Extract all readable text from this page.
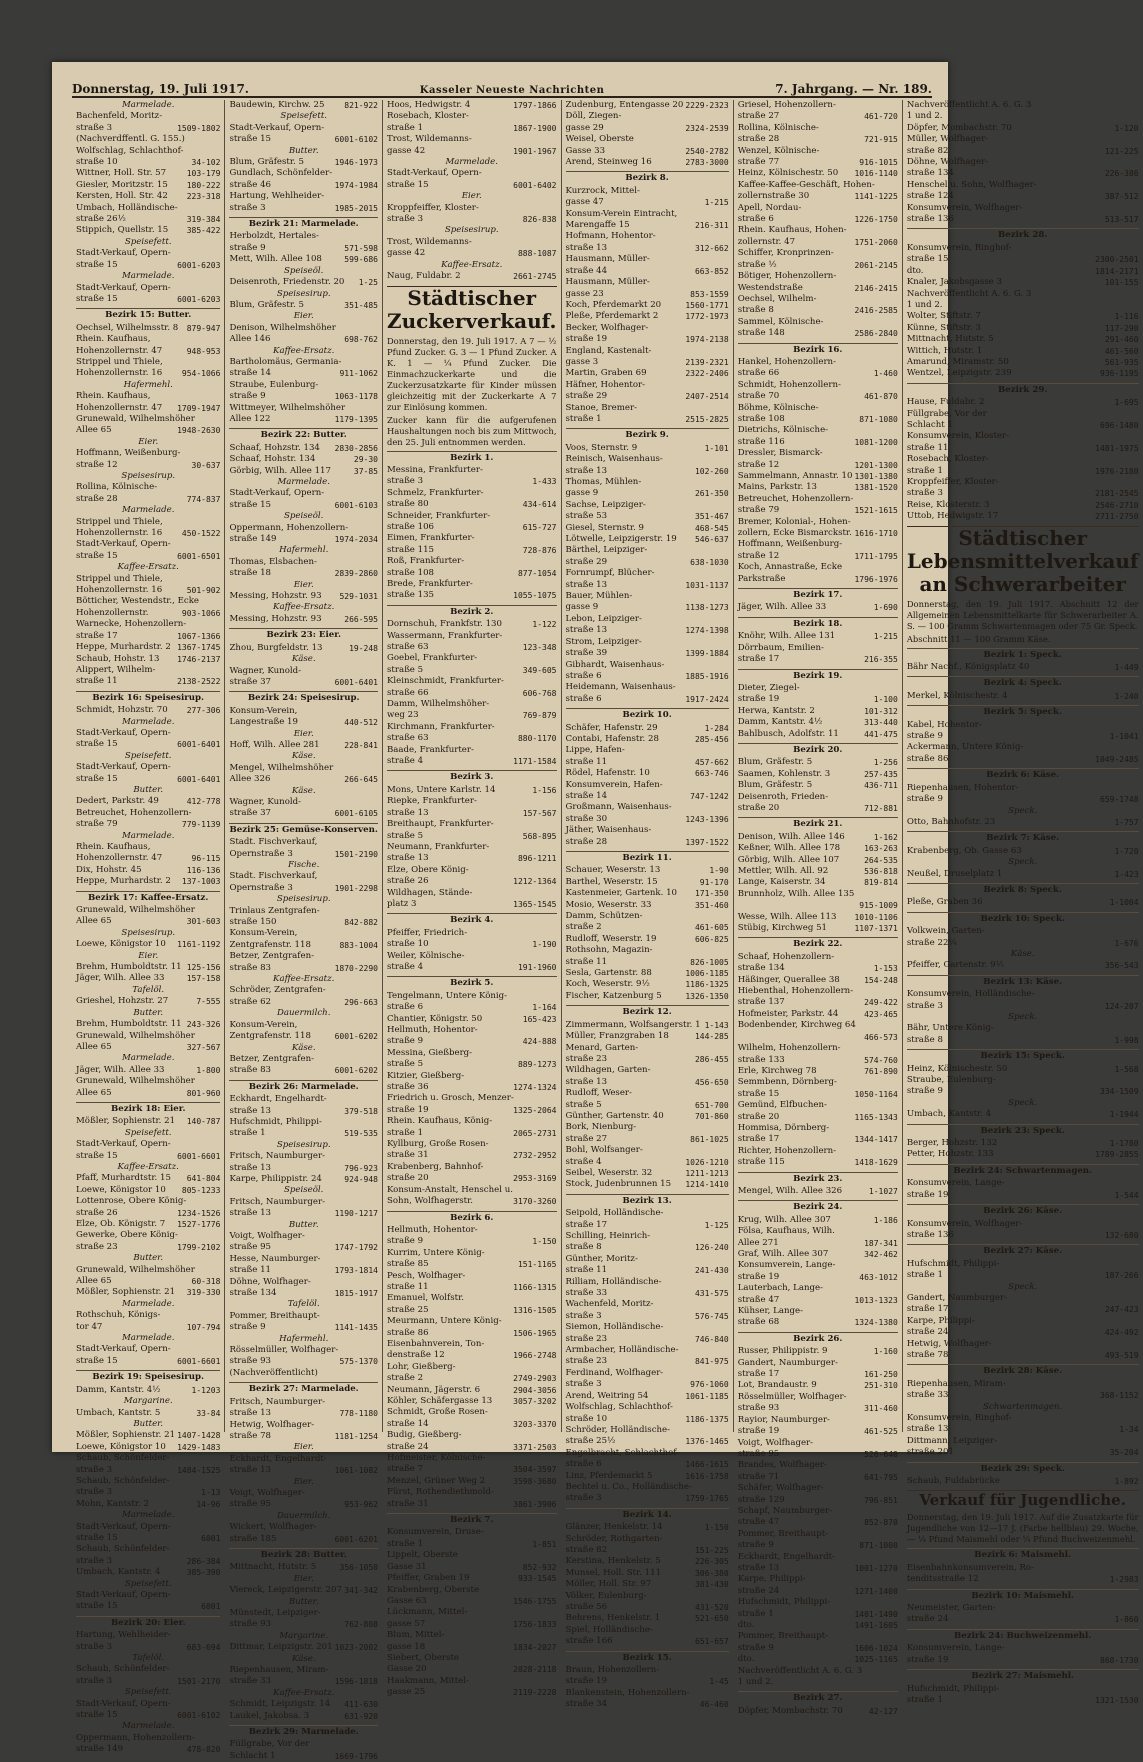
Donnerstag, 19. Juli 1917.	Kasseler Neueste Nachrichten	7. Jahrgang. — Nr. 189.
Marmelade.
Bachenfeld, Moritz-
straße 3	1509-1802
(Nachverdffentl. G. 155.)
Wolfschlag, Schlachthof-
straße 10	34-102
Wittner, Holl. Str. 57	103-179
Giesler, Moritzstr. 15	180-222
Kersten, Holl. Str. 42	223-318
Umbach, Holländische-
straße 26½	319-384
Stippich, Quellstr. 15	385-422
Speisefett.
Stadt-Verkauf, Opern-
straße 15	6001-6203
Marmelade.
Stadt-Verkauf, Opern-
straße 15	6001-6203
Bezirk 15: Butter.
Oechsel, Wilhelmsstr. 8	879-947
Rhein. Kaufhaus,
Hohenzollernstr. 47	948-953
Strippel und Thiele,
Hohenzollernstr. 16	954-1066
Hafermehl.
Rhein. Kaufhaus,
Hohenzollernstr. 47	1709-1947
Grunewald, Wilhelmshöher
Allee 65	1948-2630
Eier.
Hoffmann, Weißenburg-
straße 12	30-637
Speisesirup.
Rollina, Kölnische-
straße 28	774-837
Marmelade.
Strippel und Thiele,
Hohenzollernstr. 16	450-1522
Stadt-Verkauf, Opern-
straße 15	6001-6501
Kaffee-Ersatz.
Strippel und Thiele,
Hohenzollernstr. 16	501-902
Bötticher, Westendstr., Ecke
Hohenzollernstr.	903-1066
Warnecke, Hohenzollern-
straße 17	1067-1366
Heppe, Murhardstr. 2 1367-1745
Schaub, Hohstr. 13	1746-2137
Alippert, Wilhelm-
straße 11	2138-2522
Bezirk 16: Speisesirup.
Schmidt, Hohzstr. 70	277-306
Marmelade.
Stadt-Verkauf, Opern-
straße 15	6001-6401
Speisefett.
Stadt-Verkauf, Opern-
straße 15	6001-6401
Butter.
Dedert, Parkstr. 49	412-778
Betreuchet, Hohenzollern-
straße 79	779-1139
Marmelade.
Rhein. Kaufhaus,
Hohenzollernstr. 47	96-115
Dix, Hohstr. 45	116-136
Heppe, Murhardstr. 2	137-1003
Bezirk 17: Kaffee-Ersatz.
Grunewald, Wilhelmshöher
Allee 65	301-603
Speisesirup.
Loewe, Königstor 10	1161-1192
Eier.
Brehm, Humboldtstr. 11 125-156
Jäger, Wilh. Allee 33	157-158
Tafelöl.
Grieshel, Hohzstr. 27	7-555
Butter.
Brehm, Humboldtstr. 11 243-326
Grunewald, Wilhelmshöher
Allee 65	327-567
Marmelade.
Jäger, Wilh. Allee 33	1-800
Grunewald, Wilhelmshöher
Allee 65	801-960
Bezirk 18: Eier.
Mößler, Sophienstr. 21	140-787
Speisefett.
Stadt-Verkauf, Opern-
straße 15	6001-6601
Kaffee-Ersatz.
Pfaff, Murhardtstr. 15	641-804
Loewe, Königstor 10	805-1233
Lottenrose, Obere König-
straße 26	1234-1526
Elze, Ob. Königstr. 7	1527-1776
Gewerke, Obere König-
straße 23	1799-2102
Butter.
Grunewald, Wilhelmshöher
Allee 65	60-318
Mößler, Sophienstr. 21	319-330
Marmelade.
Rothschuh, Königs-
tor 47	107-794
Marmelade.
Stadt-Verkauf, Opern-
straße 15	6001-6601
Bezirk 19: Speisesirup.
Damm, Kantstr. 4½	1-1203
Margarine.
Umbach, Kantstr. 5	33-84
Butter.
Mößler, Sophienstr. 21 1407-1428
Loewe, Königstor 10	1429-1483
Schaub, Schönfelder-
straße 3	1484-1525
Schaub, Schönfelder-
straße 3	1-13
Mohn, Kantstr. 2	14-96
Marmelade.
Stadt-Verkauf, Opern-
straße 15	6001
Schaub, Schönfelder-
straße 3	286-384
Umbach, Kantstr. 4	385-390
Speisefett.
Stadt-Verkauf, Opern-
straße 15	6001
Bezirk 20: Eier.
Hartung, Wehlheider-
straße 3	683-694
Tafelöl.
Schaub, Schönfelder-
straße 3	1501-2170
Speisefett.
Stadt-Verkauf, Opern-
straße 15	6001-6102
Marmelade.
Oppermann, Hohenzollern-
straße 149	478-820
Baudewin, Kirchw. 25	821-922
Speisefett.
Stadt-Verkauf, Opern-
straße 15	6001-6102
Butter.
Blum, Gräfestr. 5	1946-1973
Gundlach, Schönfelder-
straße 46	1974-1984
Hartung, Wehlheider-
straße 3	1985-2015
Bezirk 21: Marmelade.
Herbolzdt, Hertales-
straße 9	571-598
Mett, Wilh. Allee 108	599-686
Speiseöl.
Deisenroth, Friedenstr. 20	1-25
Speisesirup.
Blum, Gräfestr. 5	351-485
Eier.
Denison, Wilhelmshöher
Allee 146	698-762
Kaffee-Ersatz.
Bartholomäus, Germania-
straße 14	911-1062
Straube, Eulenburg-
straße 9	1063-1178
Wittmeyer, Wilhelmshöher
Allee 122	1179-1395
Bezirk 22: Butter.
Schaaf, Hohzstr. 134	2830-2856
Schaaf, Hohstr. 134	29-30
Görbig, Wilh. Allee 117	37-85
Marmelade.
Stadt-Verkauf, Opern-
straße 15	6001-6103
Speiseöl.
Oppermann, Hohenzollern-
straße 149	1974-2034
Hafermehl.
Thomas, Elsbachen-
straße 18	2839-2860
Eier.
Messing, Hohzstr. 93	529-1031
Kaffee-Ersatz.
Messing, Hohzstr. 93	266-595
Bezirk 23: Eier.
Zhou, Burgfeldstr. 13	19-248
Käse.
Wagner, Kunold-
straße 37	6001-6401
Bezirk 24: Speisesirup.
Konsum-Verein,
Langestraße 19	440-512
Eier.
Hoff, Wilh. Allee 281	228-841
Käse.
Mengel, Wilhelmshöher
Allee 326	266-645
Käse.
Wagner, Kunold-
straße 37	6001-6105
Bezirk 25: Gemüse-Konserven.
Stadt. Fischverkauf,
Opernstraße 3	1501-2190
Fische.
Stadt. Fischverkauf,
Opernstraße 3	1901-2298
Speisesirup.
Trinlaus Zentgrafen-
straße 150	842-882
Konsum-Verein,
Zentgrafenstr. 118	883-1004
Betzer, Zentgrafen-
straße 83	1870-2290
Kaffee-Ersatz.
Schröder, Zentgrafen-
straße 62	296-663
Dauermilch.
Konsum-Verein,
Zentgrafenstr. 118	6001-6202
Käse.
Betzer, Zentgrafen-
straße 83	6001-6202
Bezirk 26: Marmelade.
Eckhardt, Engelhardt-
straße 13	379-518
Hufschmidt, Philippi-
straße 1	519-535
Speisesirup.
Fritsch, Naumburger-
straße 13	796-923
Karpe, Philippistr. 24	924-948
Speiseöl.
Fritsch, Naumburger-
straße 13	1190-1217
Butter.
Voigt, Wolfhager-
straße 95	1747-1792
Hesse, Naumburger-
straße 11	1793-1814
Döhne, Wolfhager-
straße 134	1815-1917
Tafelöl.
Pommer, Breithaupt-
straße 9	1141-1435
Hafermehl.
Rösselmüller, Wolfhager-
straße 93	575-1370
(Nachveröffentlicht)
Bezirk 27: Marmelade.
Fritsch, Naumburger-
straße 13	778-1180
Hetwig, Wolfhager-
straße 78	1181-1254
Eier.
Eckhardt, Engelhardt-
straße 13	1061-1082
Eier.
Voigt, Wolfhager-
straße 95	953-962
Dauermilch.
Wickert, Wolfhager-
straße 185	6001-6201
Bezirk 28: Butter.
Mittnacht, Hutstr. 5	356-1050
Eier.
Viereck, Leipzigerstr. 207 341-342
Butter.
Münstedt, Leipziger-
straße 93	762-808
Margarine.
Dittmar, Leipzigstr. 201 1023-2002
Käse.
Riepenhausen, Miram-
straße 33	1596-1818
Kaffee-Ersatz.
Schmidt, Leipzigstr. 14	411-630
Laukel, Jakobsa. 3	631-920
Bezirk 29: Marmelade.
Füllgrabe, Vor der
Schlacht 1	1669-1796
Hoos, Hedwigstr. 4	1797-1866
Rosebach, Kloster-
straße 1	1867-1900
Trost, Wildemanns-
gasse 42	1901-1967
Marmelade.
Stadt-Verkauf, Opern-
straße 15	6001-6402
Eier.
Kroppfeiffer, Kloster-
straße 3	826-838
Speisesirup.
Trost, Wildemanns-
gasse 42	888-1087
Kaffee-Ersatz.
Naug, Fuldabr. 2	2661-2745
Städtischer Zuckerverkauf.
Donnerstag, den 19. Juli 1917. A 7 — ½ Pfund Zucker. G. 3 — 1 Pfund Zucker. A K. 1 — ¼ Pfund Zucker. Die Einmachzuckerkarte und die Zuckerzusatzkarte für Kinder müssen gleichzeitig mit der Zuckerkarte A 7 zur Einlösung kommen.
Zucker kann für die aufgerufenen Haushaltungen noch bis zum Mittwoch, den 25. Juli entnommen werden.
Bezirk 1.
Messina, Frankfurter-
straße 3	1-433
Schmelz, Frankfurter-
straße 80	434-614
Schneider, Frankfurter-
straße 106	615-727
Eimen, Frankfurter-
straße 115	728-876
Roß, Frankfurter-
straße 108	877-1054
Brede, Frankfurter-
straße 135	1055-1075
Bezirk 2.
Dornschuh, Frankfstr. 130	1-122
Wassermann, Frankfurter-
straße 63	123-348
Goebel, Frankfurter-
straße 5	349-605
Kleinschmidt, Frankfurter-
straße 66	606-768
Damm, Wilhelmshöher-
weg 23	769-879
Kirchmann, Frankfurter-
straße 63	880-1170
Baade, Frankfurter-
straße 4	1171-1584
Bezirk 3.
Mons, Untere Karlstr. 14	1-156
Riepke, Frankfurter-
straße 13	157-567
Breithaupt, Frankfurter-
straße 5	568-895
Neumann, Frankfurter-
straße 13	896-1211
Elze, Obere König-
straße 26	1212-1364
Wildhagen, Stände-
platz 3	1365-1545
Bezirk 4.
Pfeiffer, Friedrich-
straße 10	1-190
Weiler, Kölnische-
straße 4	191-1960
Bezirk 5.
Tengelmann, Untere König-
straße 6	1-164
Chantier, Königstr. 50	165-423
Hellmuth, Hohentor-
straße 9	424-888
Messina, Gießberg-
straße 5	889-1273
Kitzier, Gießberg-
straße 36	1274-1324
Friedrich u. Grosch, Menzer-
straße 19	1325-2064
Rhein. Kaufhaus, König-
straße 1	2065-2731
Kyllburg, Große Rosen-
straße 31	2732-2952
Krabenberg, Bahnhof-
straße 20	2953-3169
Konsum-Anstalt, Henschel u.
Sohn, Wolfhagerstr.	3170-3260
Bezirk 6.
Hellmuth, Hohentor-
straße 9	1-150
Kurrim, Untere König-
straße 85	151-1165
Pesch, Wolfhager-
straße 11	1166-1315
Emanuel, Wolfstr.
straße 25	1316-1505
Meurmann, Untere König-
straße 86	1506-1965
Eisenbahnverein, Ton-
denstraße 12	1966-2748
Lohr, Gießberg-
straße 2	2749-2903
Neumann, Jägerstr. 6	2904-3056
Köhler, Schäfergasse 13	3057-3202
Schmidt, Große Rosen-
straße 14	3203-3370
Budig, Gießberg-
straße 24	3371-2503
Hofmeister, Kölnische-
straße 7	3504-3597
Menzel, Grüner Weg 2	3598-3680
Fürst, Rothendiethmold-
straße 31	3861-3906
Bezirk 7.
Konsumverein, Druse-
straße 1	1-851
Lippelt, Oberste
Gasse 31	852-932
Pfeiffer, Graben 19	933-1545
Krabenberg, Oberste
Gasse 63	1546-1755
Lückmann, Mittel-
gasse 57	1756-1833
Blum, Mittel-
gasse 18	1834-2027
Siebert, Oberste
Gasse 20	2028-2118
Haakmann, Mittel-
gasse 25	2119-2228
Zudenburg, Entengasse 20 2229-2323
Döll, Ziegen-
gasse 29	2324-2539
Weisel, Oberste
Gasse 33	2540-2782
Arend, Steinweg 16	2783-3000
Bezirk 8.
Kurzrock, Mittel-
gasse 47	1-215
Konsum-Verein Eintracht,
Marengaffe 15	216-311
Hofmann, Hohentor-
straße 13	312-662
Hausmann, Müller-
straße 44	663-852
Hausmann, Müller-
gasse 23	853-1559
Koch, Pferdemarkt 20	1560-1771
Pleße, Pferdemarkt 2	1772-1973
Becker, Wolfhager-
straße 19	1974-2138
England, Kastenalt-
gasse 3	2139-2321
Martin, Graben 69	2322-2406
Häfner, Hohentor-
straße 29	2407-2514
Stanoe, Bremer-
straße 1	2515-2825
Bezirk 9.
Voos, Sternstr. 9	1-101
Reinisch, Waisenhaus-
straße 13	102-260
Thomas, Mühlen-
gasse 9	261-350
Sachse, Leipziger-
straße 53	351-467
Giesel, Sternstr. 9	468-545
Lötwelle, Leipzigerstr. 19	546-637
Bärthel, Leipziger-
straße 29	638-1030
Fornrumpf, Blücher-
straße 13	1031-1137
Bauer, Mühlen-
gasse 9	1138-1273
Lebon, Leipziger-
straße 13	1274-1398
Strom, Leipziger-
straße 39	1399-1884
Gibhardt, Waisenhaus-
straße 6	1885-1916
Heidemann, Waisenhaus-
straße 6	1917-2424
Bezirk 10.
Schäfer, Hafenstr. 29	1-284
Contabi, Hafenstr. 28	285-456
Lippe, Hafen-
straße 11	457-662
Rödel, Hafenstr. 10	663-746
Konsumverein, Hafen-
straße 14	747-1242
Großmann, Waisenhaus-
straße 30	1243-1396
Jäther, Waisenhaus-
straße 28	1397-1522
Bezirk 11.
Schauer, Weserstr. 13	1-90
Barthel, Weserstr. 15	91-170
Kastenmeier, Gartenk. 10	171-350
Mosio, Weserstr. 33	351-460
Damm, Schützen-
straße 2	461-605
Rudloff, Weserstr. 19	606-825
Rothsohn, Magazin-
straße 11	826-1005
Sesla, Gartenstr. 88	1006-1185
Koch, Weserstr. 9½	1186-1325
Fischer, Katzenburg 5	1326-1350
Bezirk 12.
Zimmermann, Wolfsangerstr. 1 1-143
Müller, Franzgraben 18	144-285
Menard, Garten-
straße 23	286-455
Wildhagen, Garten-
straße 13	456-650
Rudloff, Weser-
straße 5	651-700
Günther, Gartenstr. 40	701-860
Bork, Nienburg-
straße 27	861-1025
Bohl, Wolfsanger-
straße 4	1026-1210
Seibel, Weserstr. 32	1211-1213
Stock, Judenbrunnen 15	1214-1410
Bezirk 13.
Seipold, Holländische-
straße 17	1-125
Schilling, Heinrich-
straße 8	126-240
Günther, Moritz-
straße 11	241-430
Rilliam, Holländische-
straße 33	431-575
Wachenfeld, Moritz-
straße 3	576-745
Siemon, Holländische-
straße 23	746-840
Armbacher, Holländische-
straße 23	841-975
Ferdinand, Wolfhager-
straße 3	976-1060
Arend, Weitring 54	1061-1185
Wolfschlag, Schlachthof-
straße 10	1186-1375
Schröder, Holländische-
straße 25½	1376-1465
Engelbracht, Schlachthof-
straße 6	1466-1615
Linz, Pferdemarkt 5	1616-1758
Bechtel u. Co., Holländische-
straße 3	1759-1765
Bezirk 14.
Glänzer, Henkelstr. 14	1-150
Schröder, Rothgarten-
straße 82	151-225
Kerstina, Henkelstr. 5	226-305
Munsel, Holl. Str. 111	306-380
Möller, Holl. Str. 97	381-430
Völker, Eulenburg-
straße 56	431-520
Behrens, Henkelstr. 1	521-650
Spiel, Holländische-
straße 166	651-657
Bezirk 15.
Braun, Hohenzollern-
straße 19	1-45
Blankenstein, Hohenzollern-
straße 34	46-460
Griesel, Hohenzollern-
straße 27	461-720
Rollina, Kölnische-
straße 28	721-915
Wenzel, Kölnische-
straße 77	916-1015
Heinz, Kölnischestr. 50	1016-1140
Kaffee-Kaffee-Geschäft, Hohen-
zollernstraße 30	1141-1225
Apell, Nordau-
straße 6	1226-1750
Rhein. Kaufhaus, Hohen-
zollernstr. 47	1751-2060
Schiffer, Kronprinzen-
straße ½	2061-2145
Bötiger, Hohenzollern-
Westendstraße	2146-2415
Oechsel, Wilhelm-
straße 8	2416-2585
Sammel, Kölnische-
straße 148	2586-2840
Bezirk 16.
Hankel, Hohenzollern-
straße 66	1-460
Schmidt, Hohenzollern-
straße 70	461-870
Böhme, Kölnische-
straße 108	871-1080
Dietrichs, Kölnische-
straße 116	1081-1200
Dressler, Bismarck-
straße 12	1201-1300
Sammelmann, Annastr. 10 1301-1380
Mains, Parkstr. 13	1381-1520
Betreuchet, Hohenzollern-
straße 79	1521-1615
Bremer, Kolonial-, Hohen-
zollern, Ecke Bismarckstr. 1616-1710
Hoffmann, Weißenburg-
straße 12	1711-1795
Koch, Annastraße, Ecke
Parkstraße	1796-1976
Bezirk 17.
Jäger, Wilh. Allee 33	1-690
Bezirk 18.
Knöhr, Wilh. Allee 131	1-215
Dörrbaum, Emilien-
straße 17	216-355
Bezirk 19.
Dieter, Ziegel-
straße 19	1-100
Herwa, Kantstr. 2	101-312
Damm, Kantstr. 4½	313-440
Bahlbusch, Adolfstr. 11	441-475
Bezirk 20.
Blum, Gräfestr. 5	1-256
Saamen, Kohlenstr. 3	257-435
Blum, Gräfestr. 5	436-711
Deisenroth, Frieden-
straße 20	712-881
Bezirk 21.
Denison, Wilh. Allee 146	1-162
Keßner, Wilh. Allee 178	163-263
Görbig, Wilh. Allee 107	264-535
Mettler, Wilh. All. 92	536-818
Lange, Kaiserstr. 34	819-814
Brunnholz, Wilh. Allee 135
915-1009
Wesse, Wilh. Allee 113	1010-1106
Stübig, Kirchweg 51	1107-1371
Bezirk 22.
Schaaf, Hohenzollern-
straße 134	1-153
Häßinger, Querallee 38	154-248
Hiebenthal, Hohenzollern-
straße 137	249-422
Hofmeister, Parkstr. 44	423-465
Bodenbender, Kirchweg 64
466-573
Wilhelm, Hohenzollern-
straße 133	574-760
Erle, Kirchweg 78	761-890
Semmbenn, Dörnberg-
straße 15	1050-1164
Gemünd, Elfbuchen-
straße 20	1165-1343
Hommisa, Dörnberg-
straße 17	1344-1417
Richter, Hohenzollern-
straße 115	1418-1629
Bezirk 23.
Mengel, Wilh. Allee 326	1-1027
Bezirk 24.
Krug, Wilh. Allee 307	1-186
Fölsa, Kaufhaus, Wilh.
Allee 271	187-341
Graf, Wilh. Allee 307	342-462
Konsumverein, Lange-
straße 19	463-1012
Lauterbach, Lange-
straße 47	1013-1323
Kühser, Lange-
straße 68	1324-1380
Bezirk 26.
Russer, Philippistr. 9	1-160
Gandert, Naumburger-
straße 17	161-250
Lot, Brandaustr. 9	251-310
Rösselmüller, Wolfhager-
straße 93	311-460
Rayior, Naumburger-
straße 19	461-525
Voigt, Wolfhager-
straße 95	526-640
Brandes, Wolfhager-
straße 71	641-795
Schäfer, Wolfhager-
straße 129	796-851
Schapf, Naumburger-
straße 47	852-870
Pommer, Breithaupt-
straße 9	871-1000
Eckhardt, Engelhardt-
straße 13	1001-1270
Karpe, Philippi-
straße 24	1271-1400
Hufschmidt, Philippi-
straße 1	1401-1490
dto.	1491-1605
Pommer, Breithaupt-
straße 9	1606-1024
dto.	1025-1165
Nachveröffentlicht A. 6. G. 3
1 und 2.
Bezirk 27.
Döpfer, Mombachstr. 70	42-127
Nachveröffentlicht A. 6. G. 3
1 und 2.
Döpfer, Mombachstr. 70	1-120
Müller, Wolfhager-
straße 82	121-225
Döhne, Wolfhager-
straße 134	226-386
Henschel u. Sohn, Wolfhager-
straße 124	387-512
Konsumverein, Wolfhager-
straße 136	513-517
Bezirk 28.
Konsumverein, Ringhof-
straße 15	2300-2501
dto.	1814-2171
Knaler, Jakobsgasse 3	101-155
Nachveröffentlicht A. 6. G. 3
1 und 2.
Wolter, Stiftstr. 7	1-116
Künne, Stiftstr. 3	117-290
Mittnacht, Hutstr. 5	291-460
Wittich, Hutstr. 1	461-560
Amarund, Miramstr. 50	561-935
Wentzel, Leipzigstr. 239	936-1195
Bezirk 29.
Hause, Fuldabr. 2	1-695
Füllgrabe, Vor der
Schlacht 1	696-1480
Konsumverein, Kloster-
straße 11	1481-1975
Rosebach, Kloster-
straße 1	1976-2180
Kroppfeiffer, Kloster-
straße 3	2181-2545
Reise, Klosterstr. 3	2546-2710
Uttob, Hedwigstr. 17	2711-2750
Städtischer Lebensmittelverkauf an Schwerarbeiter
Donnerstag, den 19. Juli 1917. Abschnitt 12 der Allgemeinen Lebensmittelkarte für Schwerarbeiter A. S. — 100 Gramm Schwartenmagen oder 75 Gr. Speck.
Abschnitt 11 — 100 Gramm Käse.
Bezirk 1: Speck.
Bähr Nachf., Königsplatz 40	1-449
Bezirk 4: Speck.
Merkel, Kölnischestr. 4	1-240
Bezirk 5: Speck.
Kabel, Hohentor-
straße 9	1-1041
Ackermann, Untere König-
straße 86	1049-2485
Bezirk 6: Käse.
Riepenhausen, Hohentor-
straße 9	659-1748
Speck.
Otto, Bahnhofstr. 23	1-757
Bezirk 7: Käse.
Krabenberg, Ob. Gasse 63	1-720
Speck.
Neußel, Druselplatz 1	1-423
Bezirk 8: Speck.
Pleße, Graben 36	1-1004
Bezirk 10: Speck.
Volkwein, Garten-
straße 22¼	1-676
Käse.
Pfeiffer, Gartenstr. 9½	356-543
Bezirk 13: Käse.
Konsumverein, Holländische-
straße 3	124-207
Speck.
Bähr, Untere König-
straße 8	1-998
Bezirk 15: Speck.
Heinz, Kölnischestr. 50	1-568
Straube, Eulenburg-
straße 9	334-1509
Speck.
Umbach, Kantstr. 4	1-1944
Bezirk 23: Speck.
Berger, Hohzstr. 132	1-1780
Petter, Hohzstr. 133	1789-2855
Bezirk 24: Schwartenmagen.
Konsumverein, Lange-
straße 19	1-544
Bezirk 26: Käse.
Konsumverein, Wolfhager-
straße 136	132-680
Bezirk 27: Käse.
Hufschmidt, Philippi-
straße 1	187-266
Speck.
Gandert, Naumburger-
straße 17	247-423
Karpe, Philippi-
straße 24	424-492
Hetwig, Wolfhager-
straße 78	493-519
Bezirk 28: Käse.
Riepenhausen, Miram-
straße 33	368-1152
Schwartenmagen.
Konsumverein, Ringhof-
straße 13	1-34
Dittmann, Leipziger-
straße 201	35-204
Bezirk 29: Speck.
Schaub, Fuldabrücke	1-892
Verkauf für Jugendliche.
Donnerstag, den 19. Juli 1917. Auf die Zusatzkarte für Jugendliche von 12—17 J. (Farbe hellblau) 29. Woche, — ¼ Pfund Maismehl oder ¼ Pfund Buchweizenmehl.
Bezirk 6: Maismehl.
Eisenbahnkonsumverein, Ro-
tenditsstraße 12	1-2983
Bezirk 10: Maismehl.
Neumeister, Garten-
straße 24	1-860
Bezirk 24: Buchweizenmehl.
Konsumverein, Lange-
straße 19	868-1730
Bezirk 27: Maismehl.
Hufschmidt, Philippi-
straße 1	1321-1530
